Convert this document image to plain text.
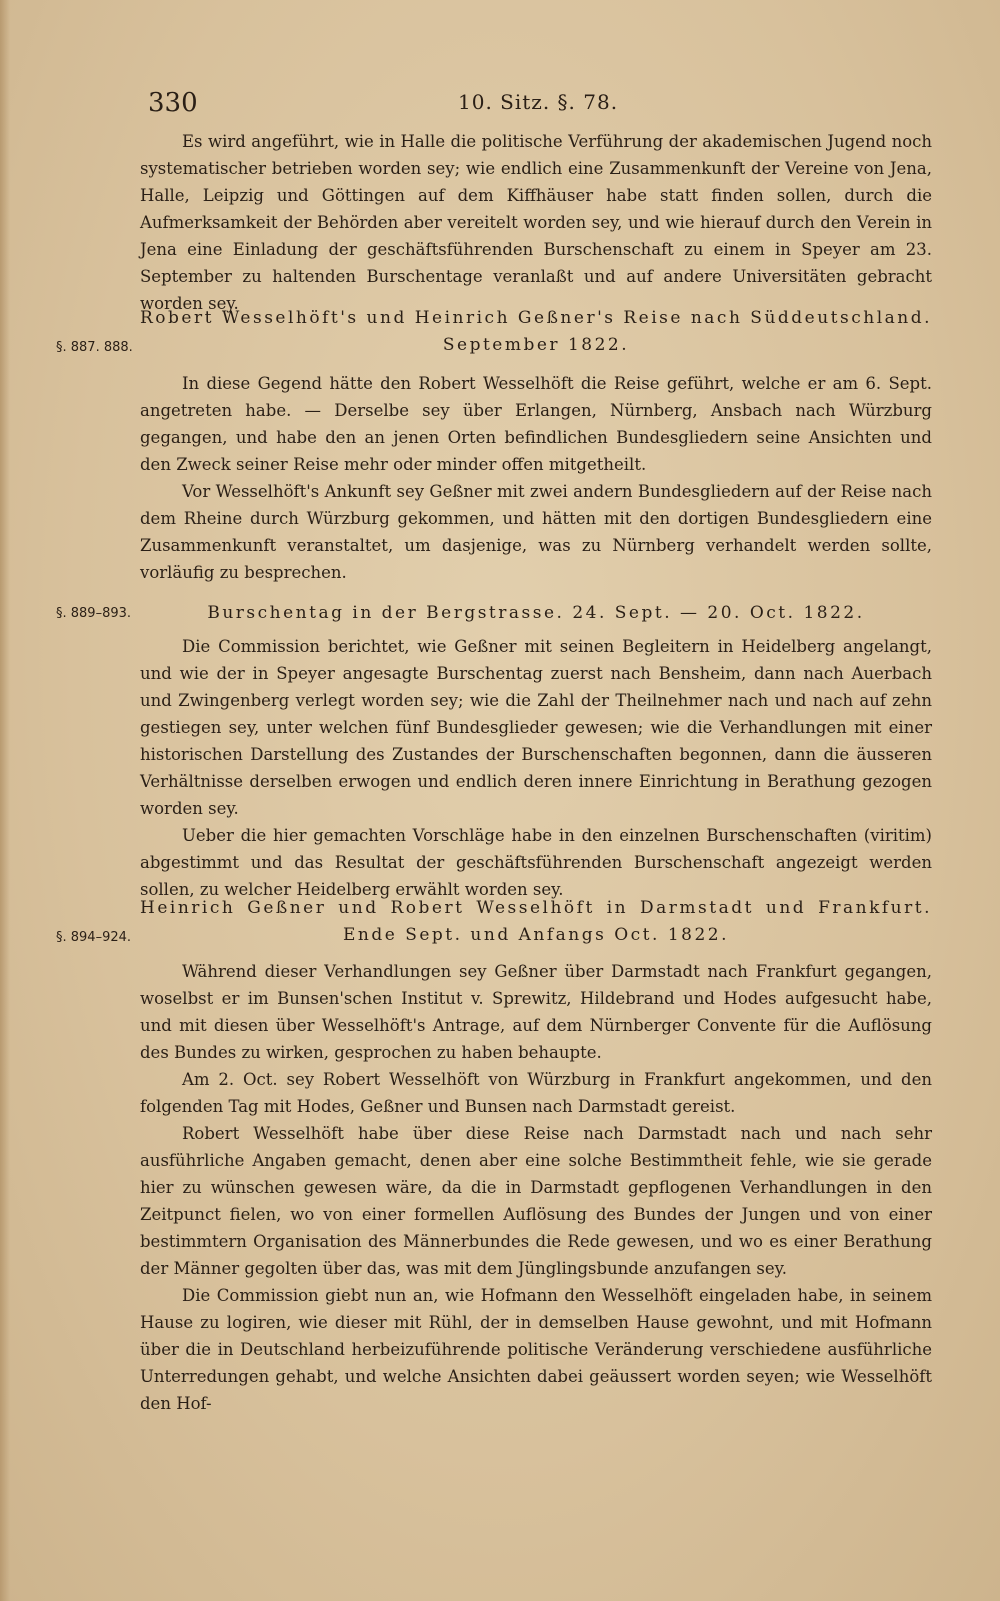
330	10. Sitz. §. 78.

Es wird angeführt, wie in Halle die politische Verführung der akademischen Jugend noch systematischer betrieben worden sey; wie endlich eine Zusammenkunft der Vereine von Jena, Halle, Leipzig und Göttingen auf dem Kiffhäuser habe statt finden sollen, durch die Aufmerksamkeit der Behörden aber vereitelt worden sey, und wie hierauf durch den Verein in Jena eine Einladung der geschäftsführenden Burschenschaft zu einem in Speyer am 23. September zu haltenden Burschentage veranlaßt und auf andere Universitäten gebracht worden sey.

Robert Wesselhöft's und Heinrich Geßner's Reise nach Süddeutschland.
September 1822.
§. 887. 888.

In diese Gegend hätte den Robert Wesselhöft die Reise geführt, welche er am 6. Sept. angetreten habe. — Derselbe sey über Erlangen, Nürnberg, Ansbach nach Würzburg gegangen, und habe den an jenen Orten befindlichen Bundesgliedern seine Ansichten und den Zweck seiner Reise mehr oder minder offen mitgetheilt.

Vor Wesselhöft's Ankunft sey Geßner mit zwei andern Bundesgliedern auf der Reise nach dem Rheine durch Würzburg gekommen, und hätten mit den dortigen Bundesgliedern eine Zusammenkunft veranstaltet, um dasjenige, was zu Nürnberg verhandelt werden sollte, vorläufig zu besprechen.

Burschentag in der Bergstrasse. 24. Sept. — 20. Oct. 1822.
§. 889–893.

Die Commission berichtet, wie Geßner mit seinen Begleitern in Heidelberg angelangt, und wie der in Speyer angesagte Burschentag zuerst nach Bensheim, dann nach Auerbach und Zwingenberg verlegt worden sey; wie die Zahl der Theilnehmer nach und nach auf zehn gestiegen sey, unter welchen fünf Bundesglieder gewesen; wie die Verhandlungen mit einer historischen Darstellung des Zustandes der Burschenschaften begonnen, dann die äusseren Verhältnisse derselben erwogen und endlich deren innere Einrichtung in Berathung gezogen worden sey.

Ueber die hier gemachten Vorschläge habe in den einzelnen Burschenschaften (viritim) abgestimmt und das Resultat der geschäftsführenden Burschenschaft angezeigt werden sollen, zu welcher Heidelberg erwählt worden sey.

Heinrich Geßner und Robert Wesselhöft in Darmstadt und Frankfurt.
Ende Sept. und Anfangs Oct. 1822.
§. 894–924.

Während dieser Verhandlungen sey Geßner über Darmstadt nach Frankfurt gegangen, woselbst er im Bunsen'schen Institut v. Sprewitz, Hildebrand und Hodes aufgesucht habe, und mit diesen über Wesselhöft's Antrage, auf dem Nürnberger Convente für die Auflösung des Bundes zu wirken, gesprochen zu haben behaupte.

Am 2. Oct. sey Robert Wesselhöft von Würzburg in Frankfurt angekommen, und den folgenden Tag mit Hodes, Geßner und Bunsen nach Darmstadt gereist.

Robert Wesselhöft habe über diese Reise nach Darmstadt nach und nach sehr ausführliche Angaben gemacht, denen aber eine solche Bestimmtheit fehle, wie sie gerade hier zu wünschen gewesen wäre, da die in Darmstadt gepflogenen Verhandlungen in den Zeitpunct fielen, wo von einer formellen Auflösung des Bundes der Jungen und von einer bestimmtern Organisation des Männerbundes die Rede gewesen, und wo es einer Berathung der Männer gegolten über das, was mit dem Jünglingsbunde anzufangen sey.

Die Commission giebt nun an, wie Hofmann den Wesselhöft eingeladen habe, in seinem Hause zu logiren, wie dieser mit Rühl, der in demselben Hause gewohnt, und mit Hofmann über die in Deutschland herbeizuführende politische Veränderung verschiedene ausführliche Unterredungen gehabt, und welche Ansichten dabei geäussert worden seyen; wie Wesselhöft den Hof-
